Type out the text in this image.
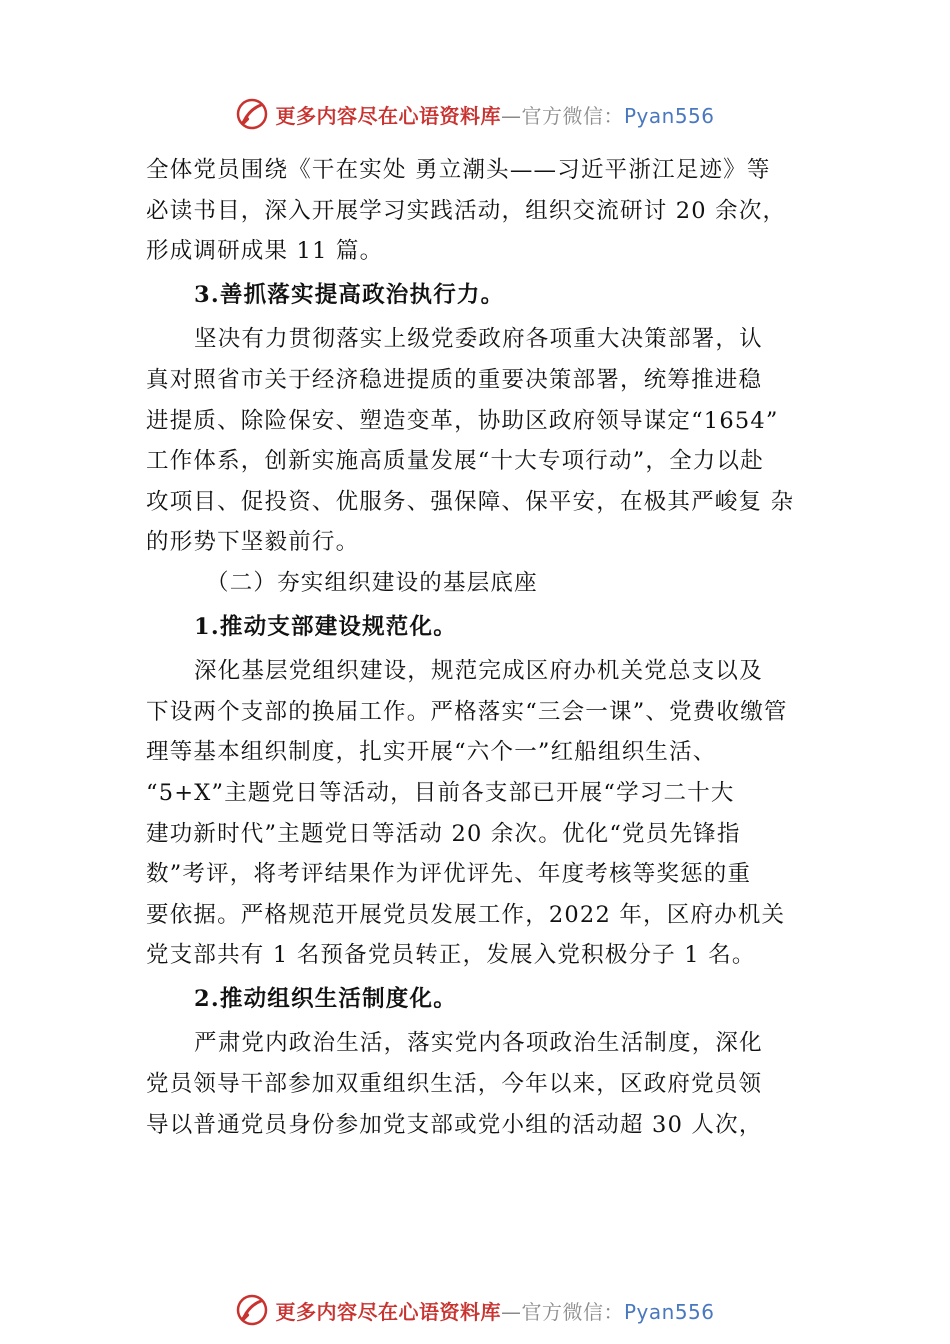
更多内容尽在心语资料库—官方微信：Pyan556
全体党员围绕《干在实处 勇立潮头——习近平浙江足迹》等
必读书目，深入开展学习实践活动，组织交流研讨 20 余次，
形成调研成果 11 篇。
3.善抓落实提高政治执行力。
坚决有力贯彻落实上级党委政府各项重大决策部署，认
真对照省市关于经济稳进提质的重要决策部署，统筹推进稳
进提质、除险保安、塑造变革，协助区政府领导谋定“1654”
工作体系，创新实施高质量发展“十大专项行动”，全力以赴
攻项目、促投资、优服务、强保障、保平安，在极其严峻复 杂
的形势下坚毅前行。
（二）夯实组织建设的基层底座
1.推动支部建设规范化。
深化基层党组织建设，规范完成区府办机关党总支以及
下设两个支部的换届工作。严格落实“三会一课”、党费收缴管
理等基本组织制度，扎实开展“六个一”红船组织生活、
“5+X”主题党日等活动，目前各支部已开展“学习二十大
建功新时代”主题党日等活动 20 余次。优化“党员先锋指
数”考评，将考评结果作为评优评先、年度考核等奖惩的重
要依据。严格规范开展党员发展工作，2022 年，区府办机关
党支部共有 1 名预备党员转正，发展入党积极分子 1 名。
2.推动组织生活制度化。
严肃党内政治生活，落实党内各项政治生活制度，深化
党员领导干部参加双重组织生活，今年以来，区政府党员领
导以普通党员身份参加党支部或党小组的活动超 30 人次，
更多内容尽在心语资料库—官方微信：Pyan556
